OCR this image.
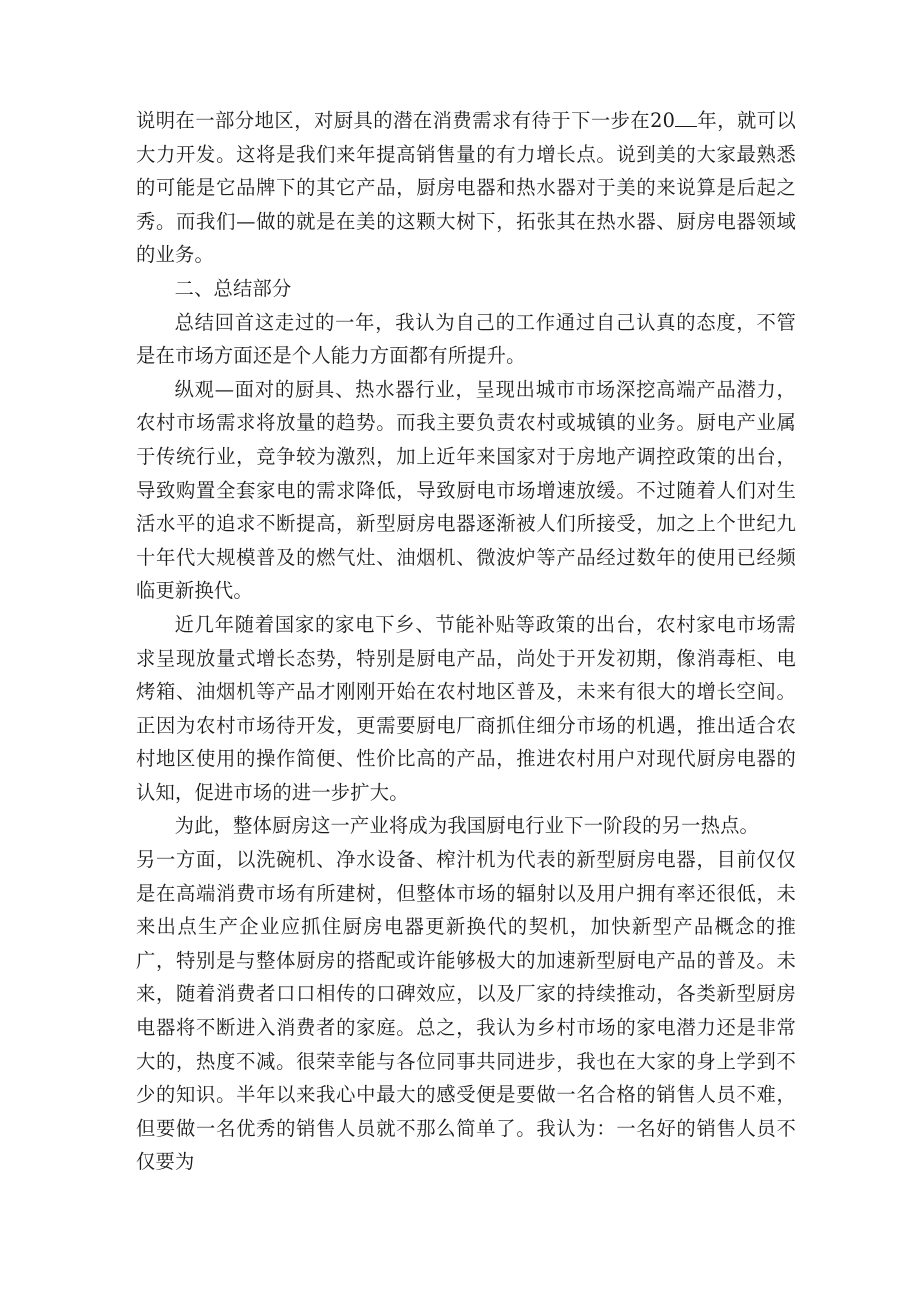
说明在一部分地区，对厨具的潜在消费需求有待于下一步在20 年，就可以大力开发。这将是我们来年提高销售量的有力增长点。说到美的大家最熟悉的可能是它品牌下的其它产品，厨房电器和热水器对于美的来说算是后起之秀。而我们—做的就是在美的这颗大树下，拓张其在热水器、厨房电器领域的业务。

二、总结部分

总结回首这走过的一年，我认为自己的工作通过自己认真的态度，不管是在市场方面还是个人能力方面都有所提升。

纵观—面对的厨具、热水器行业，呈现出城市市场深挖高端产品潜力，农村市场需求将放量的趋势。而我主要负责农村或城镇的业务。厨电产业属于传统行业，竞争较为激烈，加上近年来国家对于房地产调控政策的出台，导致购置全套家电的需求降低，导致厨电市场增速放缓。不过随着人们对生活水平的追求不断提高，新型厨房电器逐渐被人们所接受，加之上个世纪九十年代大规模普及的燃气灶、油烟机、微波炉等产品经过数年的使用已经频临更新换代。

近几年随着国家的家电下乡、节能补贴等政策的出台，农村家电市场需求呈现放量式增长态势，特别是厨电产品，尚处于开发初期，像消毒柜、电烤箱、油烟机等产品才刚刚开始在农村地区普及，未来有很大的增长空间。正因为农村市场待开发，更需要厨电厂商抓住细分市场的机遇，推出适合农村地区使用的操作简便、性价比高的产品，推进农村用户对现代厨房电器的认知，促进市场的进一步扩大。

为此，整体厨房这一产业将成为我国厨电行业下一阶段的另一热点。
另一方面，以洗碗机、净水设备、榨汁机为代表的新型厨房电器，目前仅仅是在高端消费市场有所建树，但整体市场的辐射以及用户拥有率还很低，未来出点生产企业应抓住厨房电器更新换代的契机，加快新型产品概念的推广，特别是与整体厨房的搭配或许能够极大的加速新型厨电产品的普及。未来，随着消费者口口相传的口碑效应，以及厂家的持续推动，各类新型厨房电器将不断进入消费者的家庭。总之，我认为乡村市场的家电潜力还是非常大的，热度不减。很荣幸能与各位同事共同进步，我也在大家的身上学到不少的知识。半年以来我心中最大的感受便是要做一名合格的销售人员不难，但要做一名优秀的销售人员就不那么简单了。我认为：一名好的销售人员不仅要为
